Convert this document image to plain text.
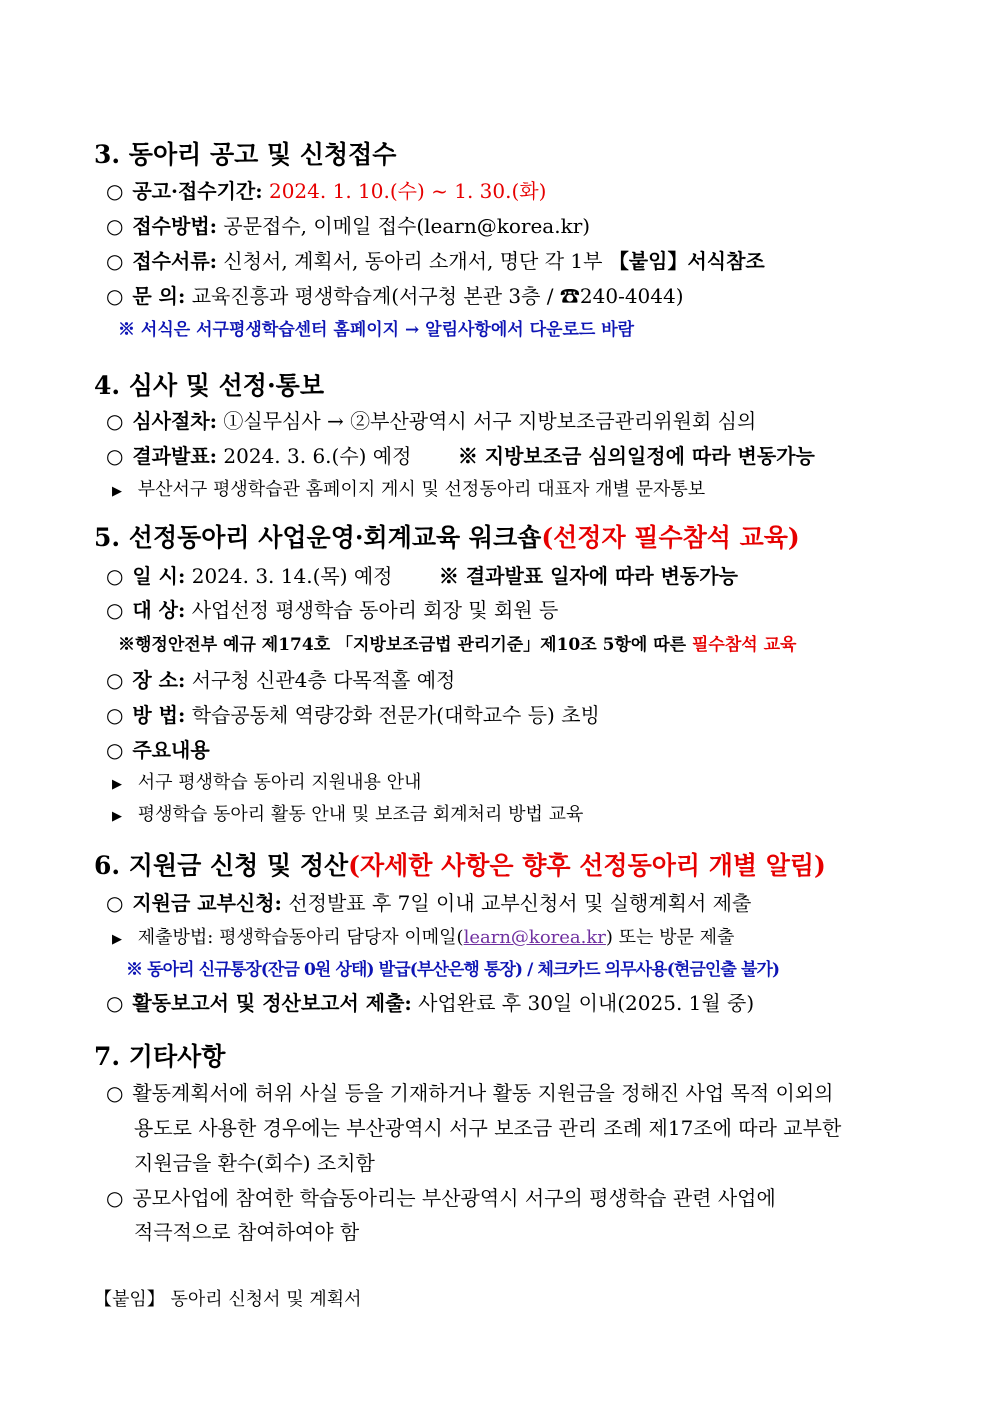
3. 동아리 공고 및 신청접수
○ 공고·접수기간: 2024. 1. 10.(수) ~ 1. 30.(화)
○ 접수방법: 공문접수, 이메일 접수(learn@korea.kr)
○ 접수서류: 신청서, 계획서, 동아리 소개서, 명단 각 1부 【붙임】서식참조
○ 문 의: 교육진흥과 평생학습계(서구청 본관 3층 / ☎240-4044)
※ 서식은 서구평생학습센터 홈페이지 → 알림사항에서 다운로드 바람
4. 심사 및 선정·통보
○ 심사절차: ①실무심사 → ②부산광역시 서구 지방보조금관리위원회 심의
○ 결과발표: 2024. 3. 6.(수) 예정 ※ 지방보조금 심의일정에 따라 변동가능
▶ 부산서구 평생학습관 홈페이지 게시 및 선정동아리 대표자 개별 문자통보
5. 선정동아리 사업운영·회계교육 워크숍(선정자 필수참석 교육)
○ 일 시: 2024. 3. 14.(목) 예정 ※ 결과발표 일자에 따라 변동가능
○ 대 상: 사업선정 평생학습 동아리 회장 및 회원 등
※행정안전부 예규 제174호 「지방보조금법 관리기준」제10조 5항에 따른 필수참석 교육
○ 장 소: 서구청 신관4층 다목적홀 예정
○ 방 법: 학습공동체 역량강화 전문가(대학교수 등) 초빙
○ 주요내용
▶ 서구 평생학습 동아리 지원내용 안내
▶ 평생학습 동아리 활동 안내 및 보조금 회계처리 방법 교육
6. 지원금 신청 및 정산(자세한 사항은 향후 선정동아리 개별 알림)
○ 지원금 교부신청: 선정발표 후 7일 이내 교부신청서 및 실행계획서 제출
▶ 제출방법: 평생학습동아리 담당자 이메일(learn@korea.kr) 또는 방문 제출
※ 동아리 신규통장(잔금 0원 상태) 발급(부산은행 통장) / 체크카드 의무사용(현금인출 불가)
○ 활동보고서 및 정산보고서 제출: 사업완료 후 30일 이내(2025. 1월 중)
7. 기타사항
○ 활동계획서에 허위 사실 등을 기재하거나 활동 지원금을 정해진 사업 목적 이외의
용도로 사용한 경우에는 부산광역시 서구 보조금 관리 조례 제17조에 따라 교부한
지원금을 환수(회수) 조치함
○ 공모사업에 참여한 학습동아리는 부산광역시 서구의 평생학습 관련 사업에
적극적으로 참여하여야 함
【붙임】 동아리 신청서 및 계획서
